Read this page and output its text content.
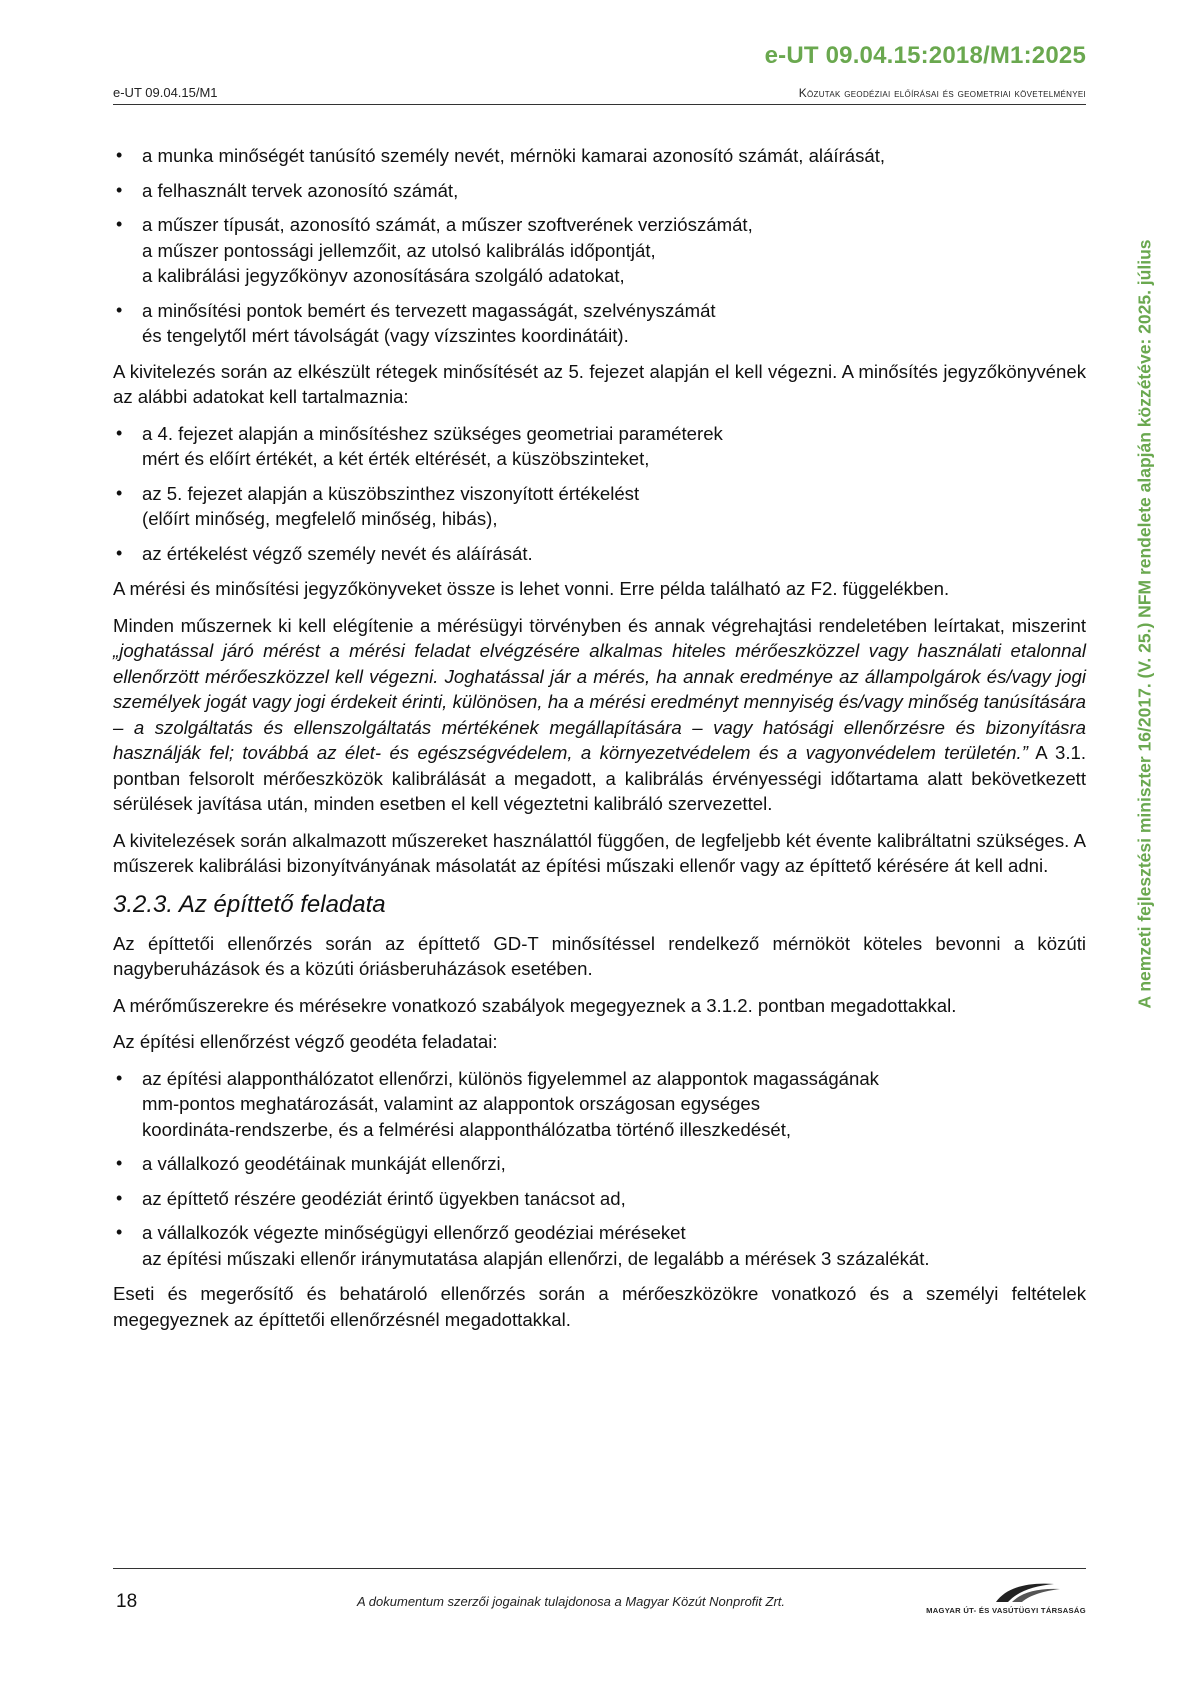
e-UT 09.04.15:2018/M1:2025
e-UT 09.04.15/M1	Közutak geodéziai előírásai és geometriai követelményei
A nemzeti fejlesztési miniszter 16/2017. (V. 25.) NFM rendelete alapján közzétéve: 2025. július
• a munka minőségét tanúsító személy nevét, mérnöki kamarai azonosító számát, aláírását,
• a felhasznált tervek azonosító számát,
• a műszer típusát, azonosító számát, a műszer szoftverének verziószámát,
a műszer pontossági jellemzőit, az utolsó kalibrálás időpontját,
a kalibrálási jegyzőkönyv azonosítására szolgáló adatokat,
• a minősítési pontok bemért és tervezett magasságát, szelvényszámát
és tengelytől mért távolságát (vagy vízszintes koordinátáit).

A kivitelezés során az elkészült rétegek minősítését az 5. fejezet alapján el kell végezni. A minősítés jegyzőkönyvének az alábbi adatokat kell tartalmaznia:

• a 4. fejezet alapján a minősítéshez szükséges geometriai paraméterek
mért és előírt értékét, a két érték eltérését, a küszöbszinteket,
• az 5. fejezet alapján a küszöbszinthez viszonyított értékelést
(előírt minőség, megfelelő minőség, hibás),
• az értékelést végző személy nevét és aláírását.

A mérési és minősítési jegyzőkönyveket össze is lehet vonni. Erre példa található az F2. függelékben.

Minden műszernek ki kell elégítenie a mérésügyi törvényben és annak végrehajtási rendeletében leírtakat, miszerint „joghatással járó mérést a mérési feladat elvégzésére alkalmas hiteles mérőeszközzel vagy használati etalonnal ellenőrzött mérőeszközzel kell végezni. Joghatással jár a mérés, ha annak eredménye az állampolgárok és/vagy jogi személyek jogát vagy jogi érdekeit érinti, különösen, ha a mérési eredményt mennyiség és/vagy minőség tanúsítására – a szolgáltatás és ellenszolgáltatás mértékének megállapítására – vagy hatósági ellenőrzésre és bizonyításra használják fel; továbbá az élet- és egészségvédelem, a környezetvédelem és a vagyonvédelem területén.” A 3.1. pontban felsorolt mérőeszközök kalibrálását a megadott, a kalibrálás érvényességi időtartama alatt bekövetkezett sérülések javítása után, minden esetben el kell végeztetni kalibráló szervezettel.

A kivitelezések során alkalmazott műszereket használattól függően, de legfeljebb két évente kalibráltatni szükséges. A műszerek kalibrálási bizonyítványának másolatát az építési műszaki ellenőr vagy az építtető kérésére át kell adni.

3.2.3. Az építtető feladata

Az építtetői ellenőrzés során az építtető GD-T minősítéssel rendelkező mérnököt köteles bevonni a közúti nagyberuházások és a közúti óriásberuházások esetében.

A mérőműszerekre és mérésekre vonatkozó szabályok megegyeznek a 3.1.2. pontban megadottakkal.

Az építési ellenőrzést végző geodéta feladatai:

• az építési alapponthálózatot ellenőrzi, különös figyelemmel az alappontok magasságának
mm-pontos meghatározását, valamint az alappontok országosan egységes
koordináta-rendszerbe, és a felmérési alapponthálózatba történő illeszkedését,
• a vállalkozó geodétáinak munkáját ellenőrzi,
• az építtető részére geodéziát érintő ügyekben tanácsot ad,
• a vállalkozók végezte minőségügyi ellenőrző geodéziai méréseket
az építési műszaki ellenőr iránymutatása alapján ellenőrzi, de legalább a mérések 3 százalékát.

Eseti és megerősítő és behatároló ellenőrzés során a mérőeszközökre vonatkozó és a személyi feltételek megegyeznek az építtetői ellenőrzésnél megadottakkal.

18	A dokumentum szerzői jogainak tulajdonosa a Magyar Közút Nonprofit Zrt.
MAGYAR ÚT- ÉS VASÚTÜGYI TÁRSASÁG
